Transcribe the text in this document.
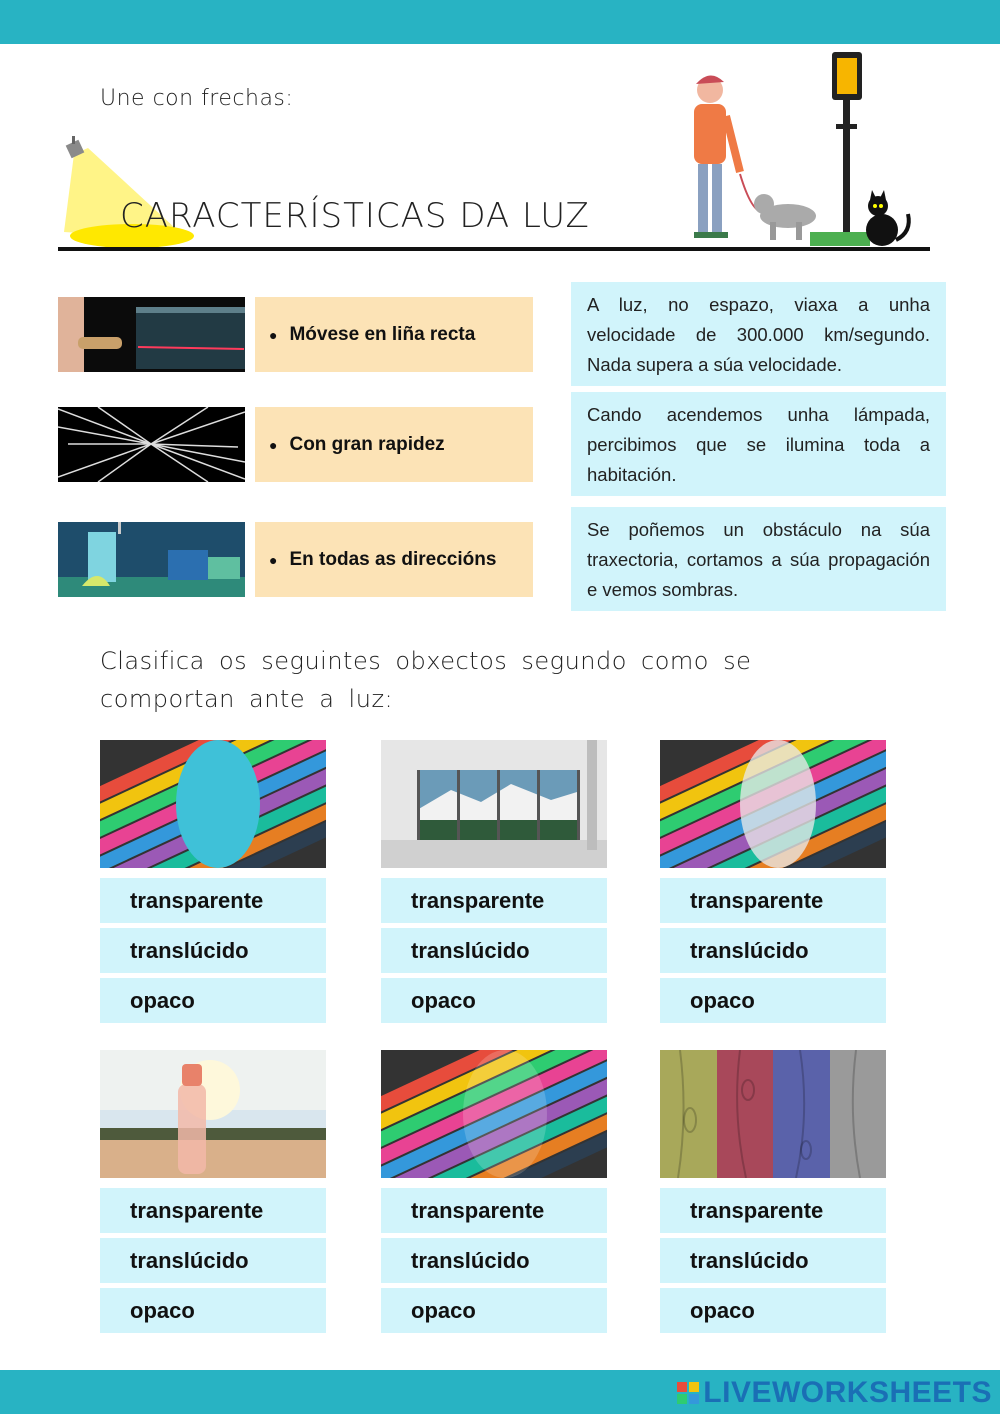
Une con frechas:
CARACTERÍSTICAS DA LUZ
● Móvese en liña recta
● Con gran rapidez
● En todas as direccións
A luz, no espazo, viaxa a unha velocidade de 300.000 km/segundo. Nada supera a súa velocidade.
Cando acendemos unha lámpada, percibimos que se ilumina toda a habitación.
Se poñemos un obstáculo na súa traxectoria, cortamos a súa propagación e vemos sombras.
Clasifica os seguintes obxectos segundo como se comportan ante a luz:
transparente
translúcido
opaco
transparente
translúcido
opaco
transparente
translúcido
opaco
transparente
translúcido
opaco
transparente
translúcido
opaco
transparente
translúcido
opaco
LIVEWORKSHEETS
